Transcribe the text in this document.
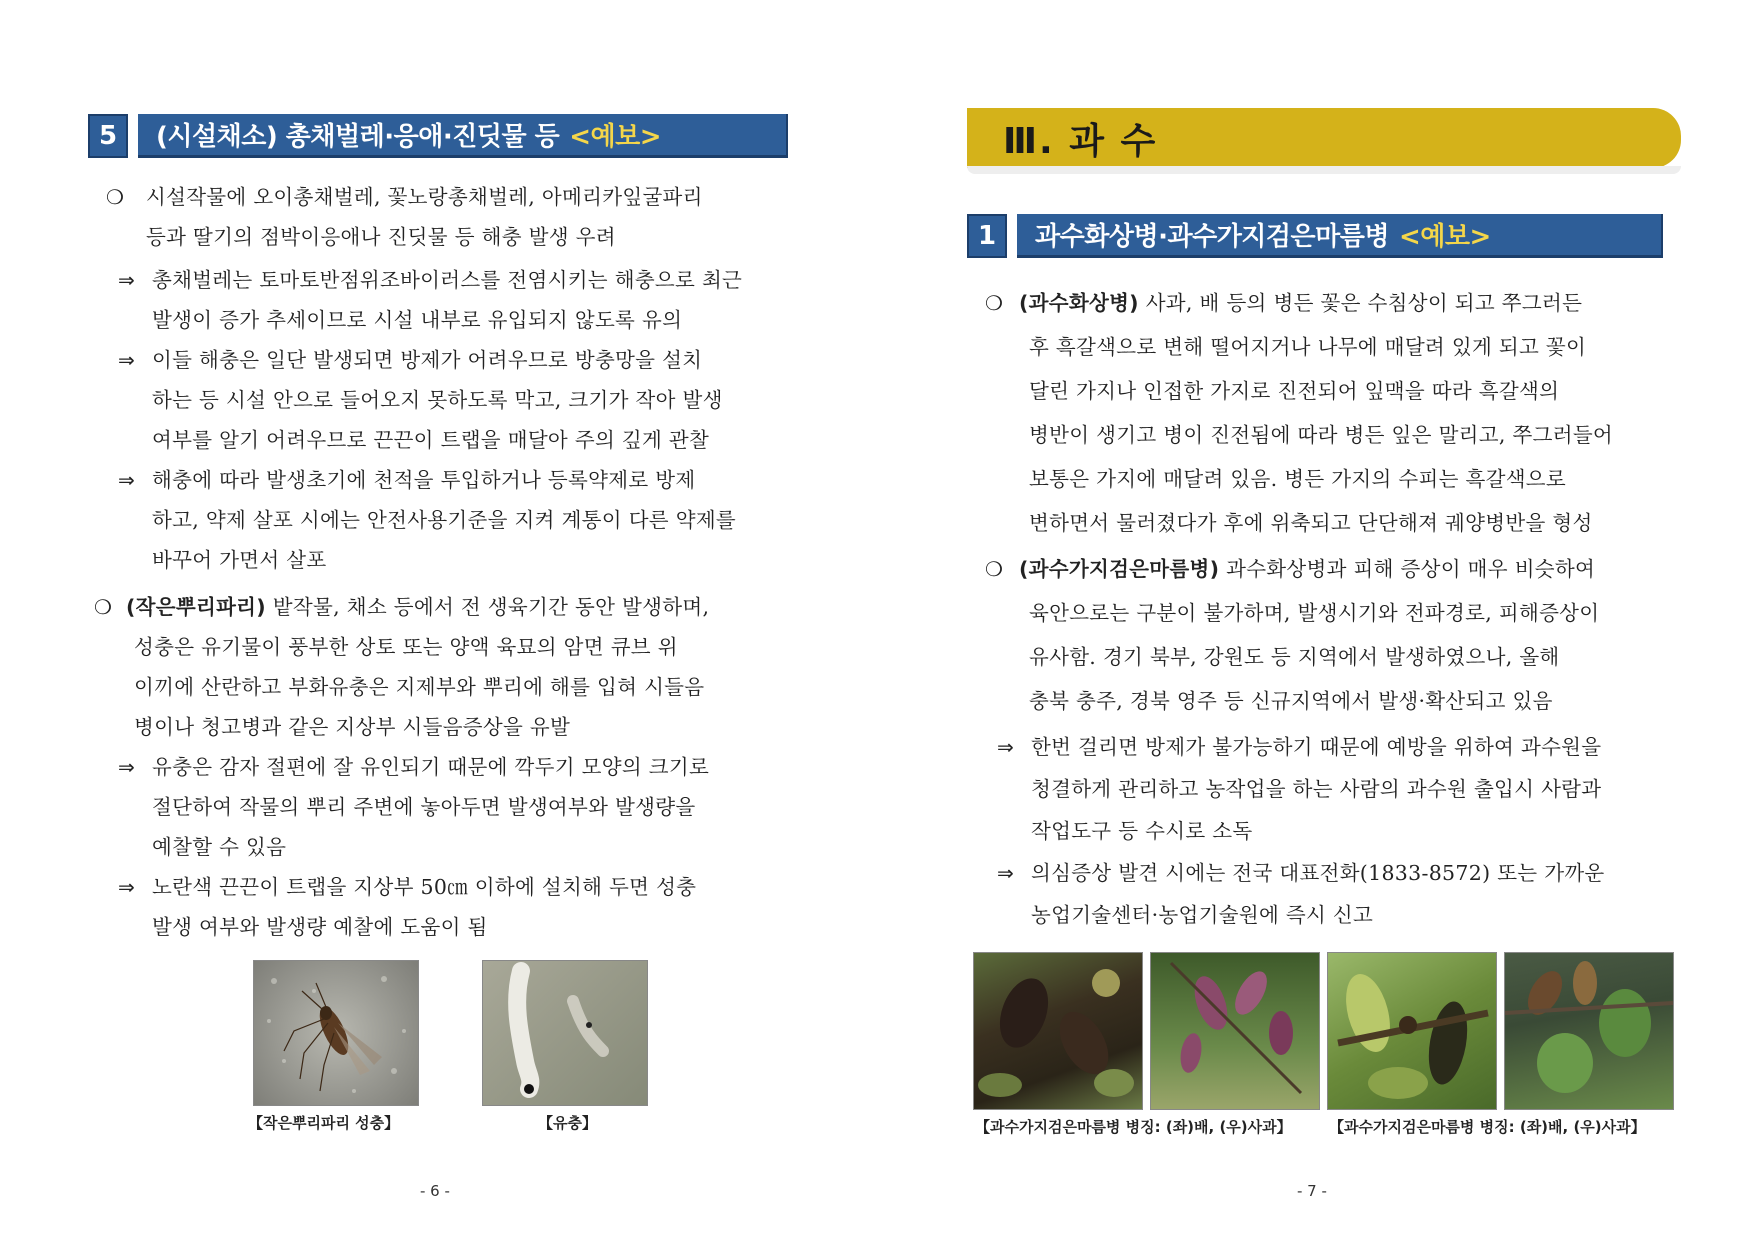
5	(시설채소) 총채벌레·응애·진딧물 등 <예보>
❍ 시설작물에 오이총채벌레, 꽃노랑총채벌레, 아메리카잎굴파리
등과 딸기의 점박이응애나 진딧물 등 해충 발생 우려
⇒ 총채벌레는 토마토반점위조바이러스를 전염시키는 해충으로 최근
발생이 증가 추세이므로 시설 내부로 유입되지 않도록 유의
⇒ 이들 해충은 일단 발생되면 방제가 어려우므로 방충망을 설치
하는 등 시설 안으로 들어오지 못하도록 막고, 크기가 작아 발생
여부를 알기 어려우므로 끈끈이 트랩을 매달아 주의 깊게 관찰
⇒ 해충에 따라 발생초기에 천적을 투입하거나 등록약제로 방제
하고, 약제 살포 시에는 안전사용기준을 지켜 계통이 다른 약제를
바꾸어 가면서 살포
❍ (작은뿌리파리) 밭작물, 채소 등에서 전 생육기간 동안 발생하며,
성충은 유기물이 풍부한 상토 또는 양액 육묘의 암면 큐브 위
이끼에 산란하고 부화유충은 지제부와 뿌리에 해를 입혀 시들음
병이나 청고병과 같은 지상부 시들음증상을 유발
⇒ 유충은 감자 절편에 잘 유인되기 때문에 깍두기 모양의 크기로
절단하여 작물의 뿌리 주변에 놓아두면 발생여부와 발생량을
예찰할 수 있음
⇒ 노란색 끈끈이 트랩을 지상부 50㎝ 이하에 설치해 두면 성충
발생 여부와 발생량 예찰에 도움이 됨
【작은뿌리파리 성충】	【유충】
- 6 -
Ⅲ. 과 수
1	과수화상병·과수가지검은마름병 <예보>
❍ (과수화상병) 사과, 배 등의 병든 꽃은 수침상이 되고 쭈그러든
후 흑갈색으로 변해 떨어지거나 나무에 매달려 있게 되고 꽃이
달린 가지나 인접한 가지로 진전되어 잎맥을 따라 흑갈색의
병반이 생기고 병이 진전됨에 따라 병든 잎은 말리고, 쭈그러들어
보통은 가지에 매달려 있음. 병든 가지의 수피는 흑갈색으로
변하면서 물러졌다가 후에 위축되고 단단해져 궤양병반을 형성
❍ (과수가지검은마름병) 과수화상병과 피해 증상이 매우 비슷하여
육안으로는 구분이 불가하며, 발생시기와 전파경로, 피해증상이
유사함. 경기 북부, 강원도 등 지역에서 발생하였으나, 올해
충북 충주, 경북 영주 등 신규지역에서 발생·확산되고 있음
⇒ 한번 걸리면 방제가 불가능하기 때문에 예방을 위하여 과수원을
청결하게 관리하고 농작업을 하는 사람의 과수원 출입시 사람과
작업도구 등 수시로 소독
⇒ 의심증상 발견 시에는 전국 대표전화(1833-8572) 또는 가까운
농업기술센터·농업기술원에 즉시 신고
【과수가지검은마름병 병징: (좌)배, (우)사과】 【과수가지검은마름병 병징: (좌)배, (우)사과】
- 7 -
